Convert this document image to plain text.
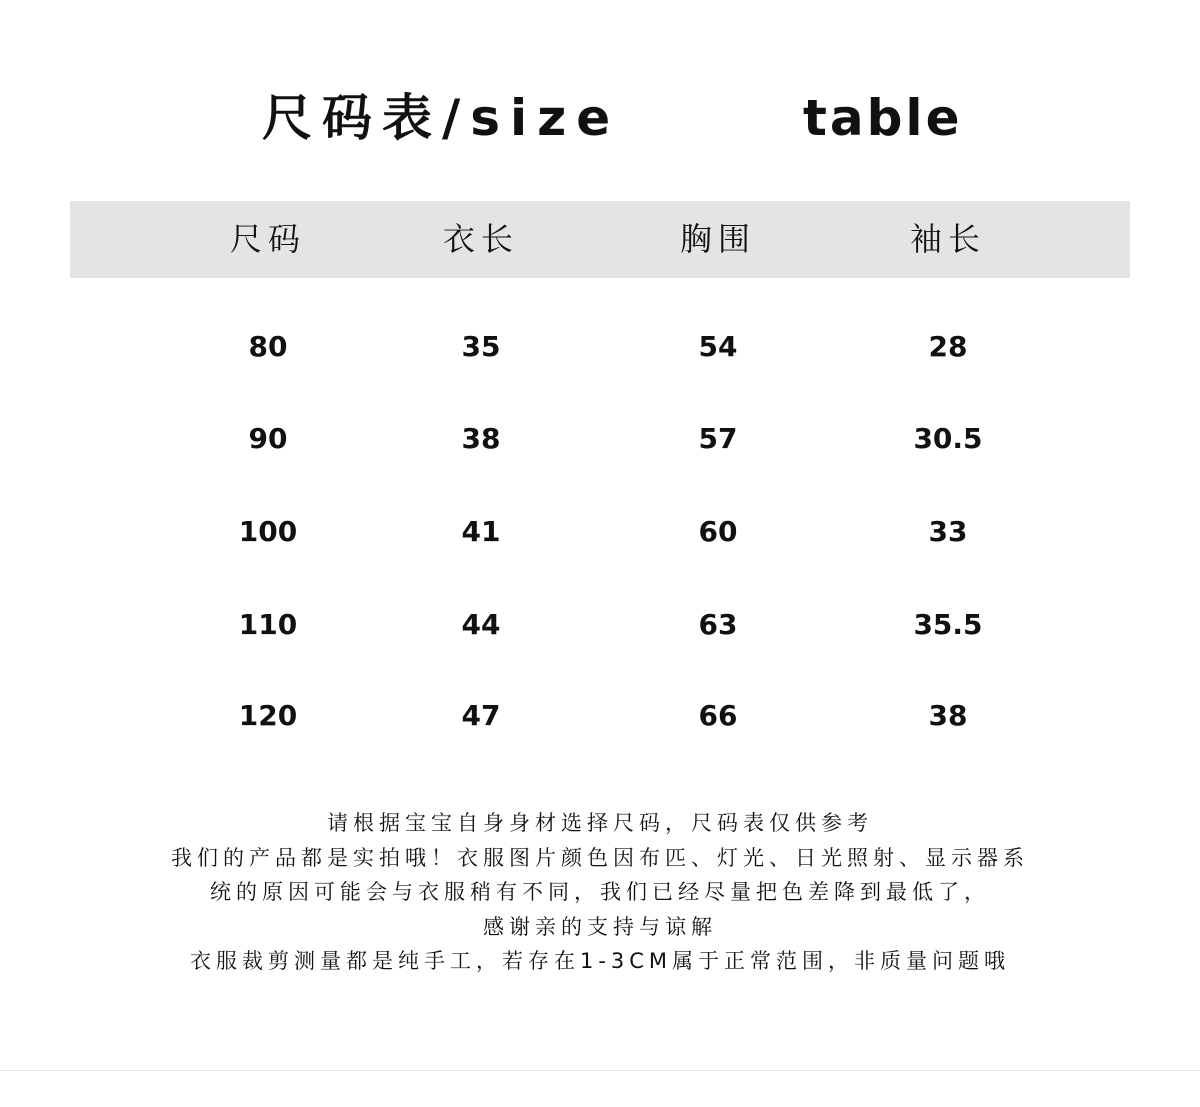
尺码表/size	table
尺码	衣长	胸围	袖长
80	35	54	28
90	38	57	30.5
100	41	60	33
110	44	63	35.5
120	47	66	38
请根据宝宝自身身材选择尺码，尺码表仅供参考
我们的产品都是实拍哦！衣服图片颜色因布匹、灯光、日光照射、显示器系
统的原因可能会与衣服稍有不同，我们已经尽量把色差降到最低了，
感谢亲的支持与谅解
衣服裁剪测量都是纯手工，若存在1-3CM属于正常范围，非质量问题哦
